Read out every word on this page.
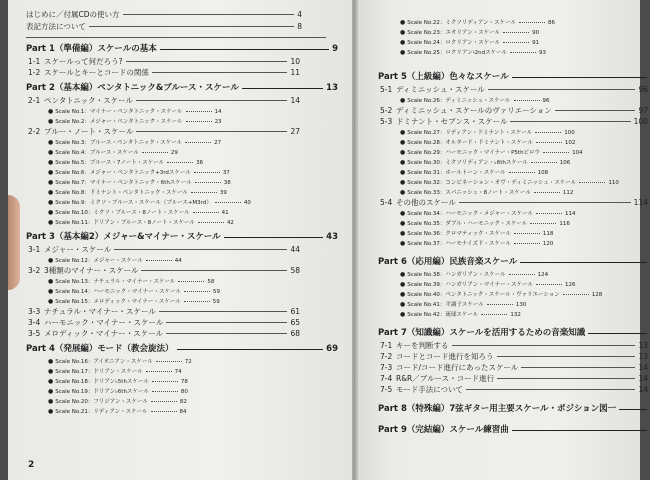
はじめに／付属CDの使い方	4
表記方法について	8
Part 1（準備編）スケールの基本	9
1-1 スケールって何だろう?	10
1-2 スケールとキーとコードの関係	11
Part 2（基本編）ペンタトニック&ブルース・スケール	13
2-1 ペンタトニック・スケール	14
● Scale No.1：マイナー・ペンタトニック・スケール	14
● Scale No.2：メジャー・ペンタトニック・スケール	23
2-2 ブルー・ノート・スケール	27
● Scale No.3：ブルース・ペンタトニック・スケール	27
● Scale No.4：ブルース・スケール	29
● Scale No.5：ブルース・7ノート・スケール	36
● Scale No.6：メジャー・ペンタトニック+3rdスケール	37
● Scale No.7：マイナー・ペンタトニック・6thスケール	38
● Scale No.8：ドミナント・ペンタトニック・スケール	39
● Scale No.9：ミクソ・ブルース・スケール（ブルース+M3rd）	40
● Scale No.10：ミクソ・ブルース・8ノート・スケール	41
● Scale No.11：ドリアン・ブルース・8ノート・スケール	42
Part 3（基本編2）メジャー&マイナー・スケール	43
3-1 メジャー・スケール	44
● Scale No.12：メジャー・スケール	44
3-2 3種類のマイナー・スケール	58
● Scale No.13：ナチュラル・マイナー・スケール	58
● Scale No.14：ハーモニック・マイナー・スケール	59
● Scale No.15：メロディック・マイナー・スケール	59
3-3 ナチュラル・マイナー・スケール	61
3-4 ハーモニック・マイナー・スケール	65
3-5 メロディック・マイナー・スケール	68
Part 4（発展編）モード（教会旋法）	69
● Scale No.16：アイオニアン・スケール	72
● Scale No.17：ドリアン・スケール	74
● Scale No.18：ドリアン♭5thスケール	78
● Scale No.19：ドリアン♭6thスケール	80
● Scale No.20：フリジアン・スケール	82
● Scale No.21：リディアン・スケール	84
2
● Scale No.22：ミクソリディアン・スケール	86
● Scale No.23：エオリアン・スケール	90
● Scale No.24：ロクリアン・スケール	91
● Scale No.25：ロクリアン♮2ndスケール	93
Part 5（上級編）色々なスケール
5-1 ディミニッシュ・スケール	96
● Scale No.26：ディミニッシュ・スケール	96
5-2 ディミニッシュ・スケールのヴァリエーション	97
5-3 ドミナント・セブンス・スケール	100
● Scale No.27：リディアン・ドミナント・スケール	100
● Scale No.28：オルタード・ドミナント・スケール	102
● Scale No.29：ハーモニック・マイナー・P5thビロウ	104
● Scale No.30：ミクソリディアン・♭6thスケール	106
● Scale No.31：ホールトーン・スケール	108
● Scale No.32：コンビネーション・オヴ・ディミニッシュ・スケール	110
● Scale No.33：スパニッシュ・8ノート・スケール	112
5-4 その他のスケール	114
● Scale No.34：ハーモニック・メジャー・スケール	114
● Scale No.35：ダブル・ハーモニック・スケール	116
● Scale No.36：クロマティック・スケール	118
● Scale No.37：ハーモナイズド・スケール	120
Part 6（応用編）民族音楽スケール
● Scale No.38：ハンガリアン・スケール	124
● Scale No.39：ハンガリアン・マイナー・スケール	126
● Scale No.40：ペンタトニック・スケール・ヴァリエーション	128
● Scale No.41：平調子スケール	130
● Scale No.42：琉球スケール	132
Part 7（知識編）スケールを活用するための音楽知識
7-1 キーを判断する	13
7-2 コードとコード進行を知ろう	13
7-3 コード/コード進行にあったスケール	14
7-4 R&R／ブルース・コード進行	14
7-5 モード手法について	14
Part 8（特殊編）7弦ギター用主要スケール・ポジション図一
Part 9（完結編）スケール練習曲
